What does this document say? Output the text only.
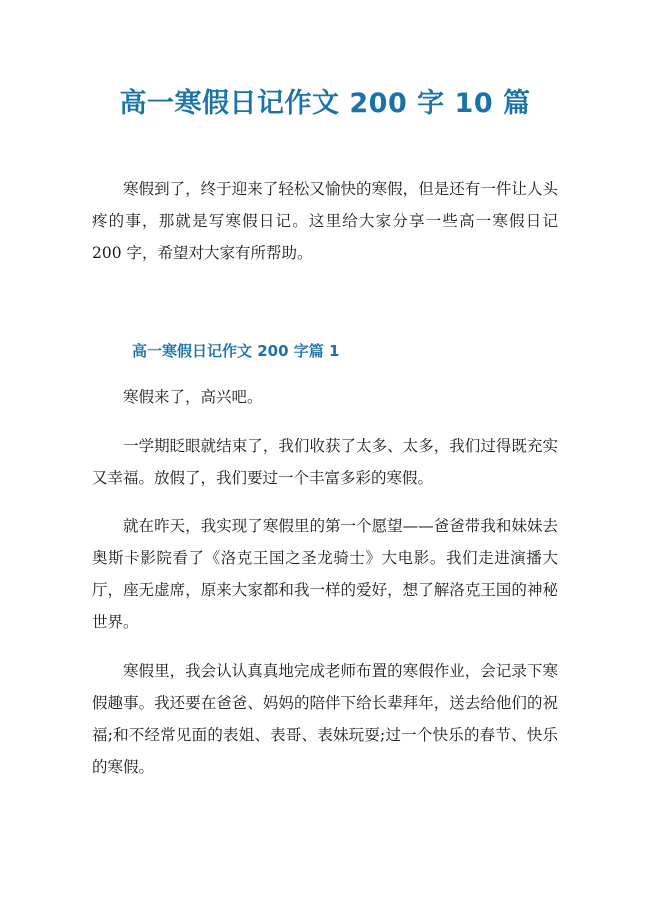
高一寒假日记作文 200 字 10 篇

寒假到了，终于迎来了轻松又愉快的寒假，但是还有一件让人头疼的事，那就是写寒假日记。这里给大家分享一些高一寒假日记 200 字，希望对大家有所帮助。

高一寒假日记作文 200 字篇 1

寒假来了，高兴吧。

一学期眨眼就结束了，我们收获了太多、太多，我们过得既充实又幸福。放假了，我们要过一个丰富多彩的寒假。

就在昨天，我实现了寒假里的第一个愿望——爸爸带我和妹妹去奥斯卡影院看了《洛克王国之圣龙骑士》大电影。我们走进演播大厅，座无虚席，原来大家都和我一样的爱好，想了解洛克王国的神秘世界。

寒假里，我会认认真真地完成老师布置的寒假作业，会记录下寒假趣事。我还要在爸爸、妈妈的陪伴下给长辈拜年，送去给他们的祝福;和不经常见面的表姐、表哥、表妹玩耍;过一个快乐的春节、快乐的寒假。
